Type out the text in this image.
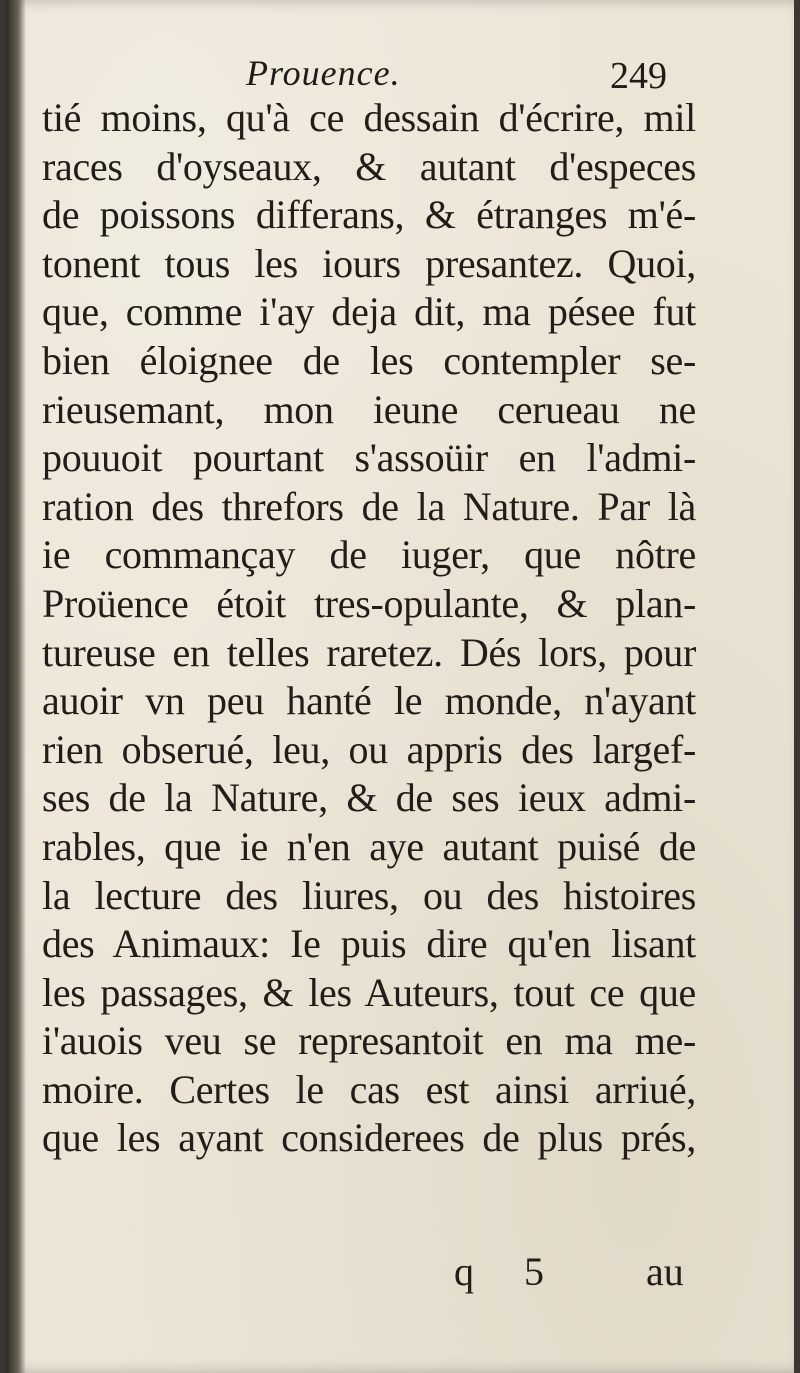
Prouence.	249
tié moins, qu'à ce dessain d'écrire, mil
races d'oyseaux, & autant d'especes
de poissons differans, & étranges m'é-
tonent tous les iours presantez. Quoi,
que, comme i'ay deja dit, ma pésee fut
bien éloignee de les contempler se-
rieusemant, mon ieune cerueau ne
pouuoit pourtant s'assoüir en l'admi-
ration des threfors de la Nature. Par là
ie commançay de iuger, que nôtre
Proüence étoit tres-opulante, & plan-
tureuse en telles raretez. Dés lors, pour
auoir vn peu hanté le monde, n'ayant
rien obserué, leu, ou appris des largef-
ses de la Nature, & de ses ieux admi-
rables, que ie n'en aye autant puisé de
la lecture des liures, ou des histoires
des Animaux: Ie puis dire qu'en lisant
les passages, & les Auteurs, tout ce que
i'auois veu se represantoit en ma me-
moire. Certes le cas est ainsi arriué,
que les ayant considerees de plus prés,
q 5 au
